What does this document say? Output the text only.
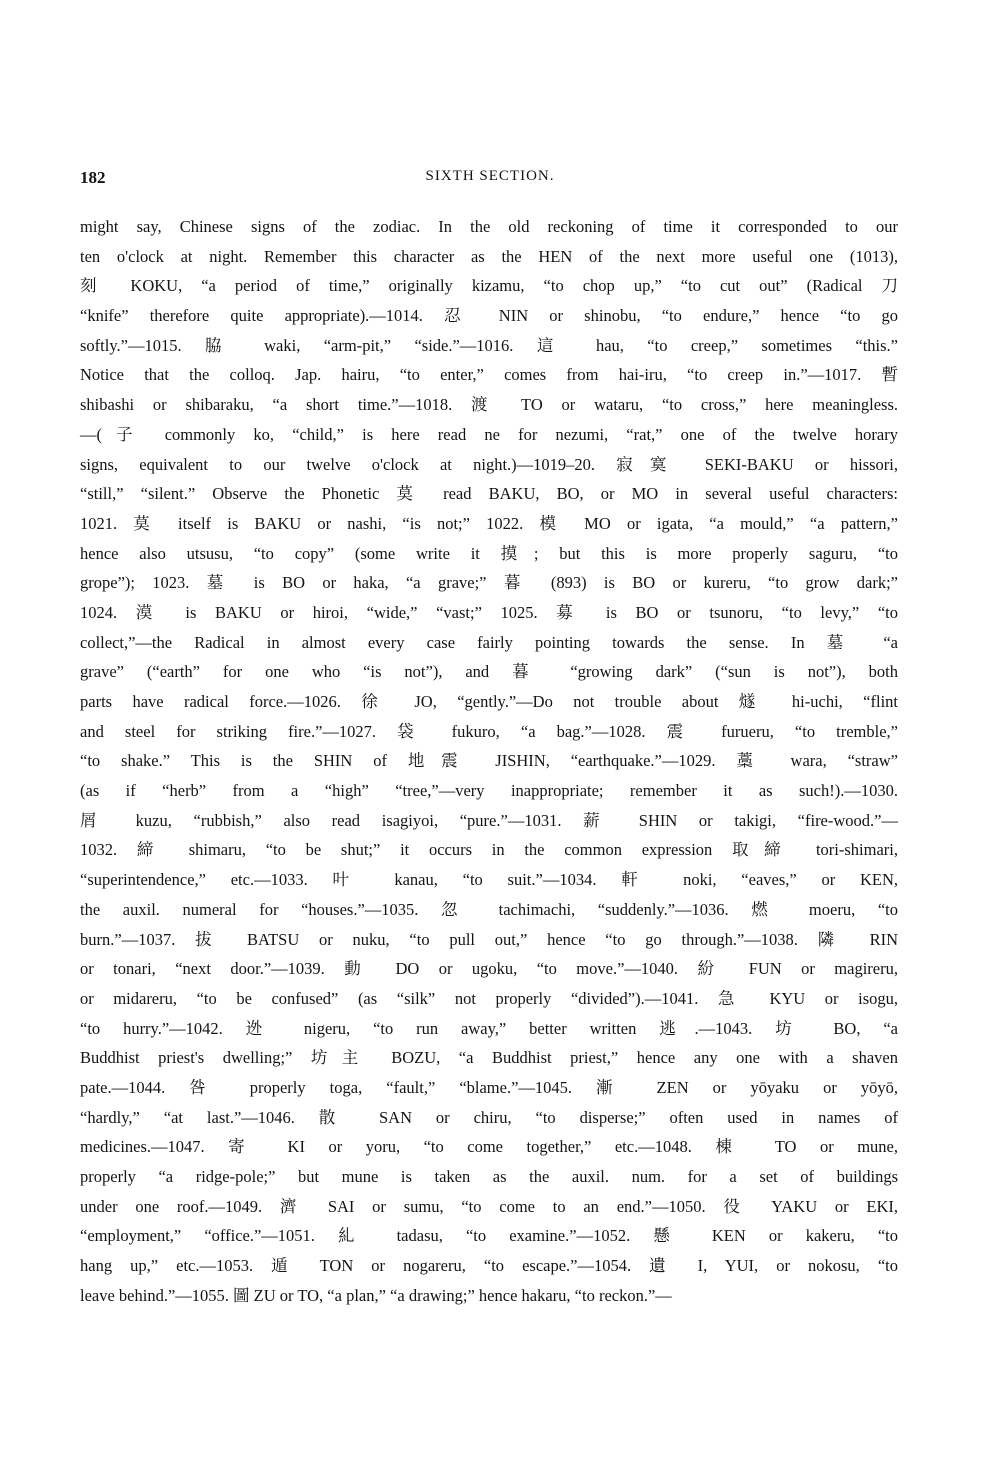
182	SIXTH SECTION.
might say, Chinese signs of the zodiac. In the old reckoning of time it corresponded to our
ten o'clock at night. Remember this character as the HEN of the next more useful one (1013),
刻 KOKU, “a period of time,” originally kizamu, “to chop up,” “to cut out” (Radical 刀
“knife” therefore quite appropriate).—1014. 忍 NIN or shinobu, “to endure,” hence “to go
softly.”—1015. 脇 waki, “arm-pit,” “side.”—1016. 這 hau, “to creep,” sometimes “this.”
Notice that the colloq. Jap. hairu, “to enter,” comes from hai-iru, “to creep in.”—1017. 暫
shibashi or shibaraku, “a short time.”—1018. 渡 TO or wataru, “to cross,” here meaningless.
—(子 commonly ko, “child,” is here read ne for nezumi, “rat,” one of the twelve horary
signs, equivalent to our twelve o'clock at night.)—1019–20. 寂寞 SEKI-BAKU or hissori,
“still,” “silent.” Observe the Phonetic 莫 read BAKU, BO, or MO in several useful characters:
1021. 莫 itself is BAKU or nashi, “is not;” 1022. 模 MO or igata, “a mould,” “a pattern,”
hence also utsusu, “to copy” (some write it 摸; but this is more properly saguru, “to
grope”); 1023. 墓 is BO or haka, “a grave;” 暮 (893) is BO or kureru, “to grow dark;”
1024. 漠 is BAKU or hiroi, “wide,” “vast;” 1025. 募 is BO or tsunoru, “to levy,” “to
collect,”—the Radical in almost every case fairly pointing towards the sense. In 墓 “a
grave” (“earth” for one who “is not”), and 暮 “growing dark” (“sun is not”), both
parts have radical force.—1026. 徐 JO, “gently.”—Do not trouble about 燧 hi-uchi, “flint
and steel for striking fire.”—1027. 袋 fukuro, “a bag.”—1028. 震 furueru, “to tremble,”
“to shake.” This is the SHIN of 地震 JISHIN, “earthquake.”—1029. 藁 wara, “straw”
(as if “herb” from a “high” “tree,”—very inappropriate; remember it as such!).—1030.
屑 kuzu, “rubbish,” also read isagiyoi, “pure.”—1031. 薪 SHIN or takigi, “fire-wood.”—
1032. 締 shimaru, “to be shut;” it occurs in the common expression 取締 tori-shimari,
“superintendence,” etc.—1033. 叶 kanau, “to suit.”—1034. 軒 noki, “eaves,” or KEN,
the auxil. numeral for “houses.”—1035. 忽 tachimachi, “suddenly.”—1036. 燃 moeru, “to
burn.”—1037. 拔 BATSU or nuku, “to pull out,” hence “to go through.”—1038. 隣 RIN
or tonari, “next door.”—1039. 動 DO or ugoku, “to move.”—1040. 紛 FUN or magireru,
or midareru, “to be confused” (as “silk” not properly “divided”).—1041. 急 KYU or isogu,
“to hurry.”—1042. 迯 nigeru, “to run away,” better written 逃.—1043. 坊 BO, “a
Buddhist priest's dwelling;” 坊主 BOZU, “a Buddhist priest,” hence any one with a shaven
pate.—1044. 咎 properly toga, “fault,” “blame.”—1045. 漸 ZEN or yōyaku or yōyō,
“hardly,” “at last.”—1046. 散 SAN or chiru, “to disperse;” often used in names of
medicines.—1047. 寄 KI or yoru, “to come together,” etc.—1048. 棟 TO or mune,
properly “a ridge-pole;” but mune is taken as the auxil. num. for a set of buildings
under one roof.—1049. 濟 SAI or sumu, “to come to an end.”—1050. 役 YAKU or EKI,
“employment,” “office.”—1051. 糺 tadasu, “to examine.”—1052. 懸 KEN or kakeru, “to
hang up,” etc.—1053. 遁 TON or nogareru, “to escape.”—1054. 遺 I, YUI, or nokosu, “to
leave behind.”—1055. 圖 ZU or TO, “a plan,” “a drawing;” hence hakaru, “to reckon.”—
